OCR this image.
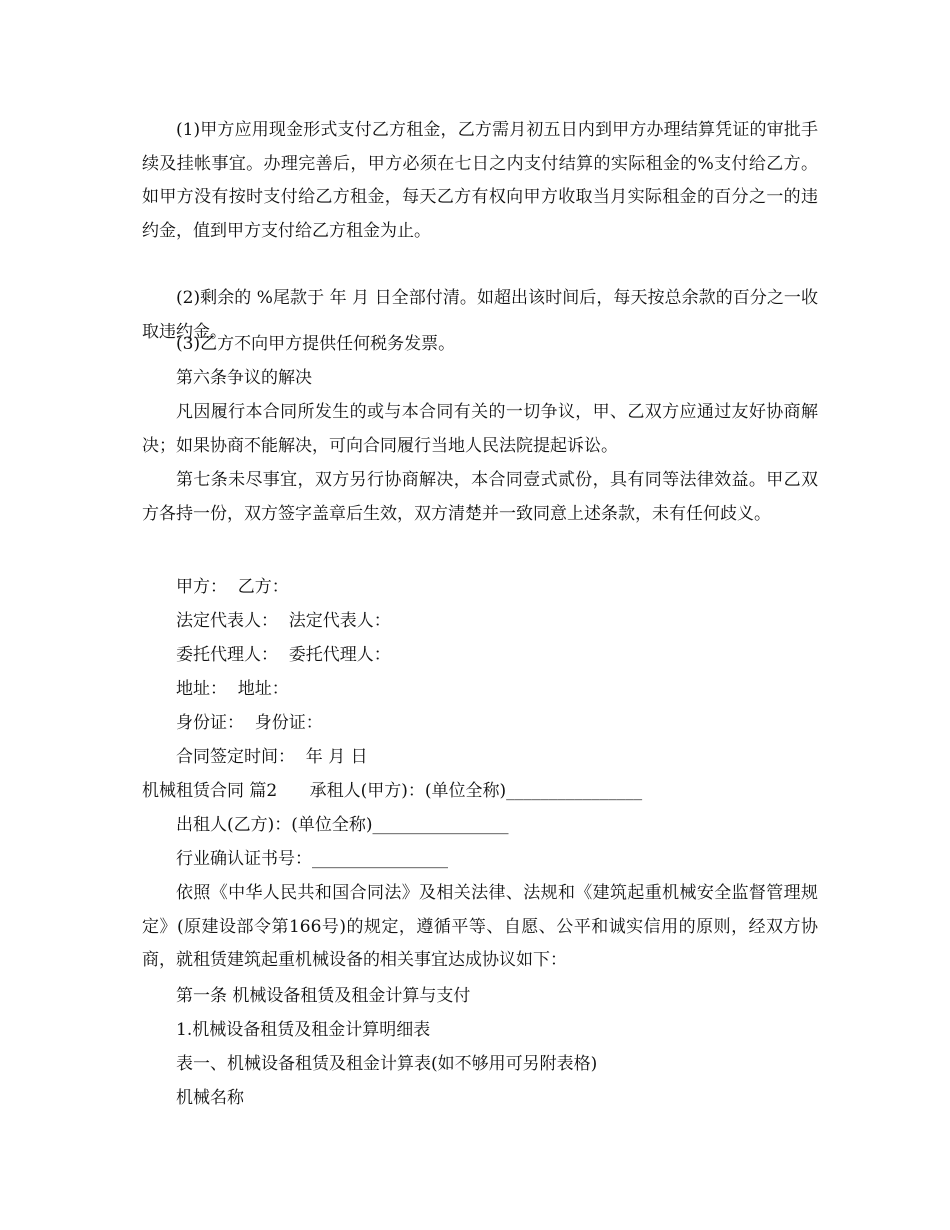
(1)甲方应用现金形式支付乙方租金，乙方需月初五日内到甲方办理结算凭证的审批手续及挂帐事宜。办理完善后，甲方必须在七日之内支付结算的实际租金的%支付给乙方。如甲方没有按时支付给乙方租金，每天乙方有权向甲方收取当月实际租金的百分之一的违约金，值到甲方支付给乙方租金为止。

(2)剩余的 %尾款于 年 月 日全部付清。如超出该时间后，每天按总余款的百分之一收取违约金。

(3)乙方不向甲方提供任何税务发票。

第六条争议的解决

凡因履行本合同所发生的或与本合同有关的一切争议，甲、乙双方应通过友好协商解决；如果协商不能解决，可向合同履行当地人民法院提起诉讼。

第七条未尽事宜，双方另行协商解决，本合同壹式贰份，具有同等法律效益。甲乙双方各持一份，双方签字盖章后生效，双方清楚并一致同意上述条款，未有任何歧义。

甲方：  乙方：

法定代表人：  法定代表人：

委托代理人：  委托代理人：

地址：  地址：

身份证：  身份证：

合同签定时间：  年 月 日

机械租赁合同 篇2      承租人(甲方)：(单位全称)________________

出租人(乙方)：(单位全称)________________

行业确认证书号：________________

依照《中华人民共和国合同法》及相关法律、法规和《建筑起重机械安全监督管理规定》(原建设部令第166号)的规定，遵循平等、自愿、公平和诚实信用的原则，经双方协商，就租赁建筑起重机械设备的相关事宜达成协议如下：

第一条 机械设备租赁及租金计算与支付

1.机械设备租赁及租金计算明细表

表一、机械设备租赁及租金计算表(如不够用可另附表格)

机械名称
